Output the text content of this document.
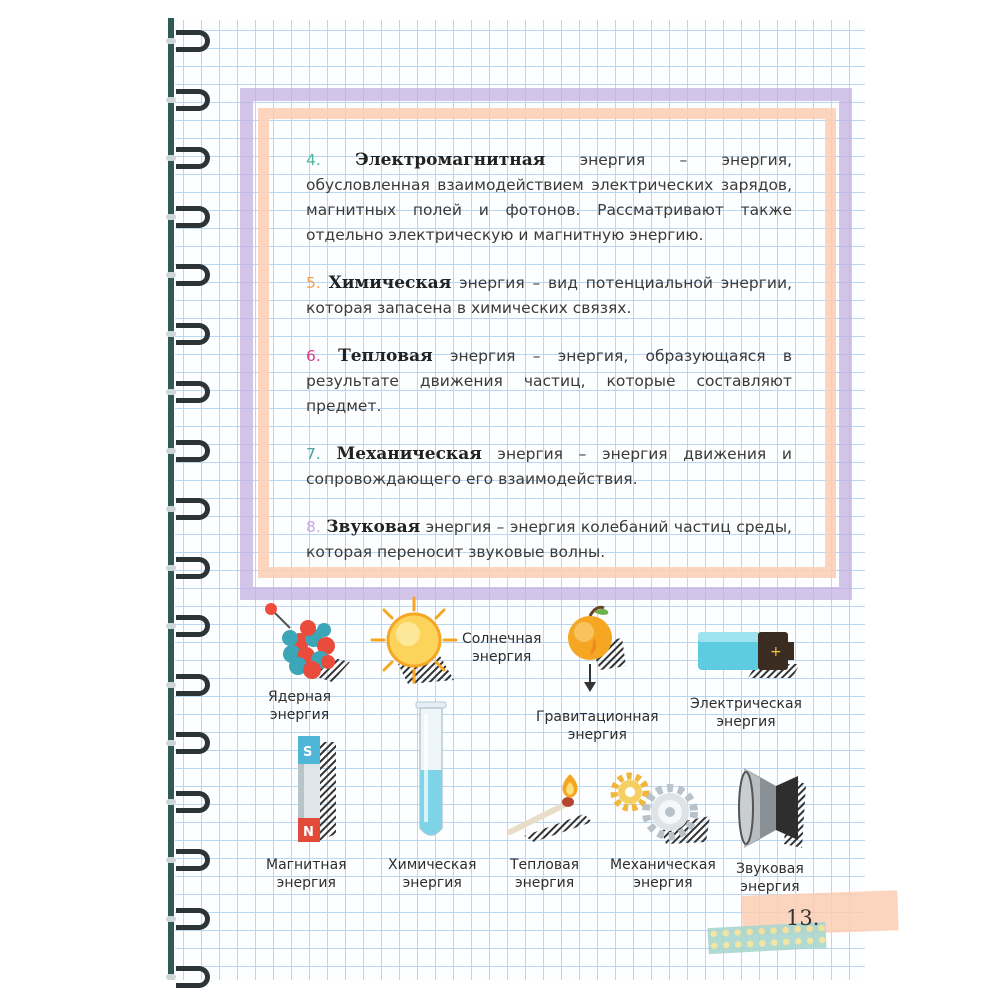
4. Электромагнитная энергия – энергия, обусловленная взаимодействием электрических зарядов, магнитных полей и фотонов. Рассматривают также отдельно электрическую и магнитную энергию.

5. Химическая энергия – вид потенциальной энергии, которая запасена в химических связях.

6. Тепловая энергия – энергия, образующаяся в результате движения частиц, которые составляют предмет.

7. Механическая энергия – энергия движения и сопровождающего его взаимодействия.

8. Звуковая энергия – энергия колебаний частиц среды, которая переносит звуковые волны.

Ядерная
энергия
Солнечная
энергия
Гравитационная
энергия
+
Электрическая
энергия
S
N
Магнитная
энергия
Химическая
энергия
Тепловая
энергия
Механическая
энергия
Звуковая
энергия
13.
